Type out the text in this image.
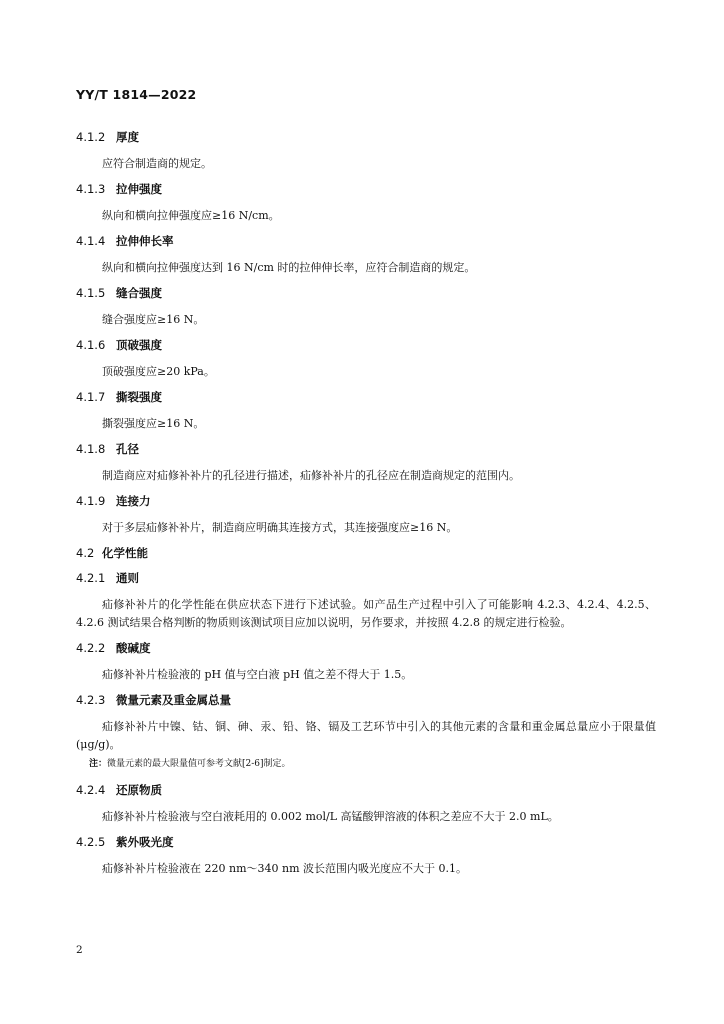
YY/T 1814—2022

4.1.2 厚度

应符合制造商的规定。

4.1.3 拉伸强度

纵向和横向拉伸强度应≥16 N/cm。

4.1.4 拉伸伸长率

纵向和横向拉伸强度达到 16 N/cm 时的拉伸伸长率，应符合制造商的规定。

4.1.5 缝合强度

缝合强度应≥16 N。

4.1.6 顶破强度

顶破强度应≥20 kPa。

4.1.7 撕裂强度

撕裂强度应≥16 N。

4.1.8 孔径

制造商应对疝修补补片的孔径进行描述，疝修补补片的孔径应在制造商规定的范围内。

4.1.9 连接力

对于多层疝修补补片，制造商应明确其连接方式，其连接强度应≥16 N。

4.2 化学性能

4.2.1 通则

疝修补补片的化学性能在供应状态下进行下述试验。如产品生产过程中引入了可能影响 4.2.3、4.2.4、4.2.5、4.2.6 测试结果合格判断的物质则该测试项目应加以说明，另作要求，并按照 4.2.8 的规定进行检验。

4.2.2 酸碱度

疝修补补片检验液的 pH 值与空白液 pH 值之差不得大于 1.5。

4.2.3 微量元素及重金属总量

疝修补补片中镍、钴、铜、砷、汞、铅、铬、镉及工艺环节中引入的其他元素的含量和重金属总量应小于限量值(μg/g)。

注：微量元素的最大限量值可参考文献[2-6]制定。

4.2.4 还原物质

疝修补补片检验液与空白液耗用的 0.002 mol/L 高锰酸钾溶液的体积之差应不大于 2.0 mL。

4.2.5 紫外吸光度

疝修补补片检验液在 220 nm～340 nm 波长范围内吸光度应不大于 0.1。

2
